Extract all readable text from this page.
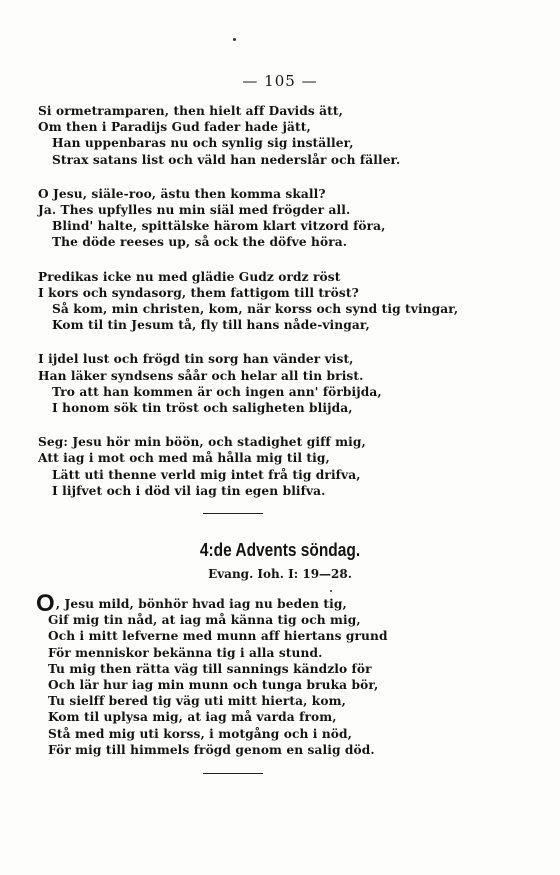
— 105 —
Si ormetramparen, then hielt aff Davids ätt,
Om then i Paradijs Gud fader hade jätt,
Han uppenbaras nu och synlig sig inställer,
Strax satans list och väld han nederslår och fäller.
O Jesu, siäle-roo, ästu then komma skall?
Ja. Thes upfylles nu min siäl med frögder all.
Blind' halte, spittälske härom klart vitzord föra,
The döde reeses up, så ock the döfve höra.
Predikas icke nu med glädie Gudz ordz röst
I kors och syndasorg, them fattigom till tröst?
Så kom, min christen, kom, när korss och synd tig tvingar,
Kom til tin Jesum tå, fly till hans nåde-vingar,
I ijdel lust och frögd tin sorg han vänder vist,
Han läker syndsens såår och helar all tin brist.
Tro att han kommen är och ingen ann' förbijda,
I honom sök tin tröst och saligheten blijda,
Seg: Jesu hör min böön, och stadighet giff mig,
Att iag i mot och med må hålla mig til tig,
Lätt uti thenne verld mig intet frå tig drifva,
I lijfvet och i död vil iag tin egen blifva.
4:de Advents söndag.
Evang. Ioh. I: 19—28.
O, Jesu mild, bönhör hvad iag nu beden tig,
Gif mig tin nåd, at iag må känna tig och mig,
Och i mitt lefverne med munn aff hiertans grund
För menniskor bekänna tig i alla stund.
Tu mig then rätta väg till sannings kändzlo för
Och lär hur iag min munn och tunga bruka bör,
Tu sielff bered tig väg uti mitt hierta, kom,
Kom til uplysa mig, at iag må varda from,
Stå med mig uti korss, i motgång och i nöd,
För mig till himmels frögd genom en salig död.
